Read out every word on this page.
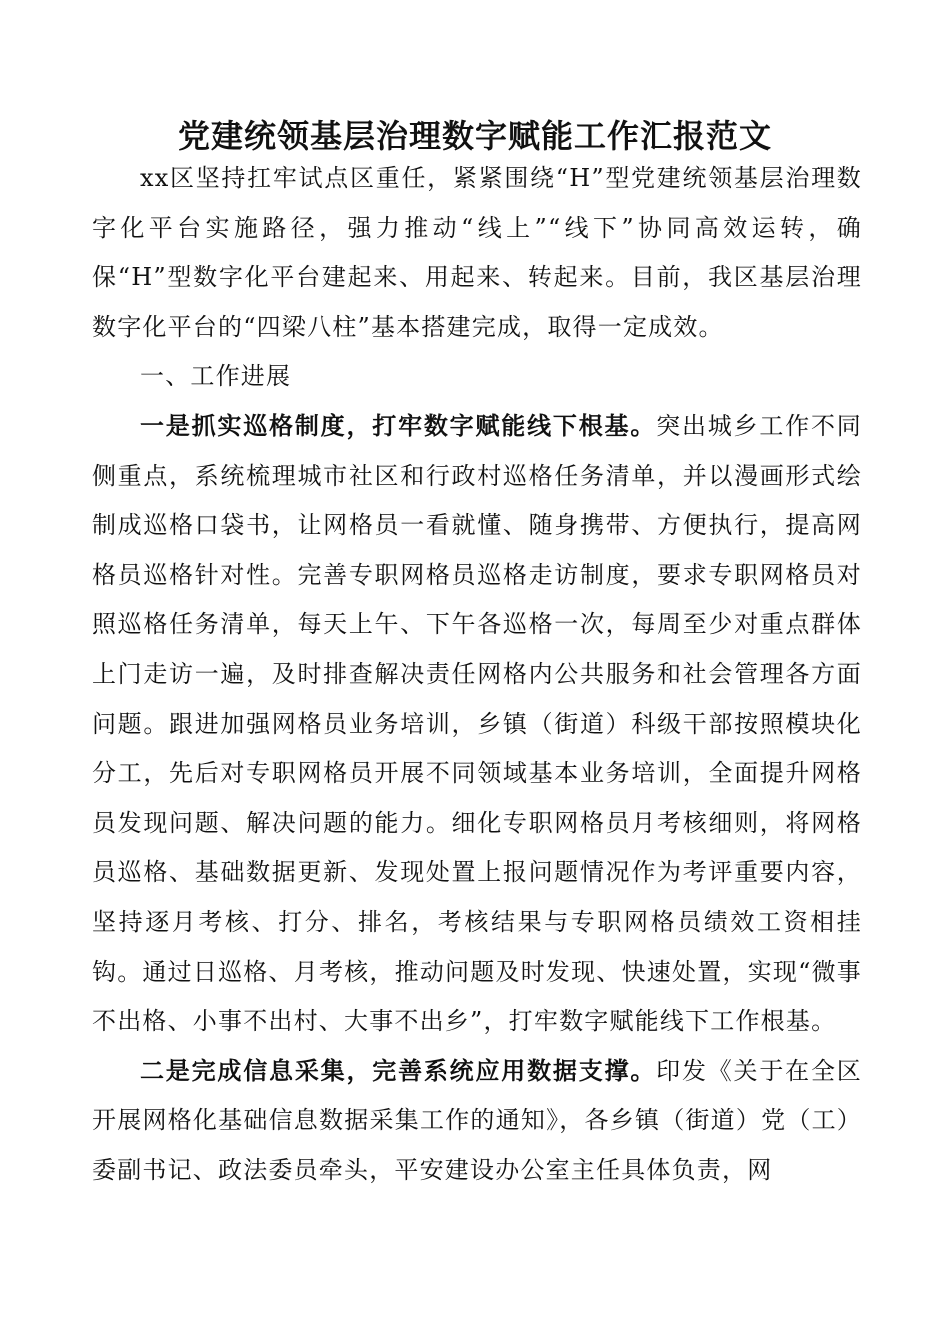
党建统领基层治理数字赋能工作汇报范文

xx区坚持扛牢试点区重任，紧紧围绕“H”型党建统领基层治理数字化平台实施路径，强力推动“线上”“线下”协同高效运转，确保“H”型数字化平台建起来、用起来、转起来。目前，我区基层治理数字化平台的“四梁八柱”基本搭建完成，取得一定成效。

一、工作进展

一是抓实巡格制度，打牢数字赋能线下根基。突出城乡工作不同侧重点，系统梳理城市社区和行政村巡格任务清单，并以漫画形式绘制成巡格口袋书，让网格员一看就懂、随身携带、方便执行，提高网格员巡格针对性。完善专职网格员巡格走访制度，要求专职网格员对照巡格任务清单，每天上午、下午各巡格一次，每周至少对重点群体上门走访一遍，及时排查解决责任网格内公共服务和社会管理各方面问题。跟进加强网格员业务培训，乡镇（街道）科级干部按照模块化分工，先后对专职网格员开展不同领域基本业务培训，全面提升网格员发现问题、解决问题的能力。细化专职网格员月考核细则，将网格员巡格、基础数据更新、发现处置上报问题情况作为考评重要内容，坚持逐月考核、打分、排名，考核结果与专职网格员绩效工资相挂钩。通过日巡格、月考核，推动问题及时发现、快速处置，实现“微事不出格、小事不出村、大事不出乡”，打牢数字赋能线下工作根基。

二是完成信息采集，完善系统应用数据支撑。印发《关于在全区开展网格化基础信息数据采集工作的通知》，各乡镇（街道）党（工）委副书记、政法委员牵头，平安建设办公室主任具体负责，网
